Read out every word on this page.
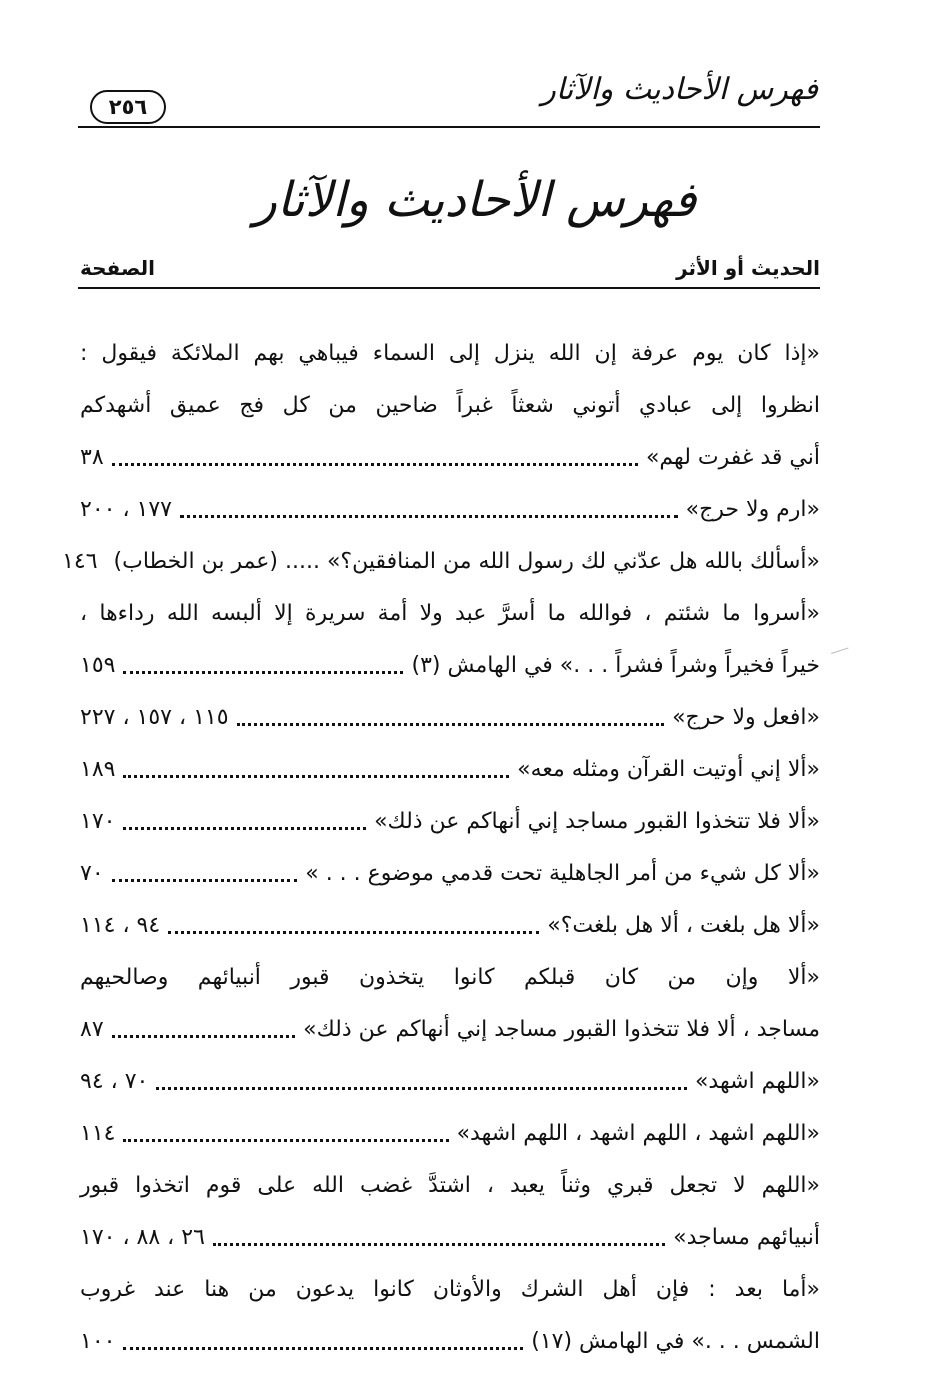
فهرس الأحاديث والآثار
٢٥٦
فهرس الأحاديث والآثار
الحديث أو الأثر
الصفحة
«إذا كان يوم عرفة إن الله ينزل إلى السماء فيباهي بهم الملائكة فيقول :
انظروا إلى عبادي أتوني شعثاً غبراً ضاحين من كل فج عميق أشهدكم
أني قد غفرت لهم»
٣٨
«ارم ولا حرج»
١٧٧ ، ٢٠٠
«أسألك بالله هل عدّني لك رسول الله من المنافقين؟» ..... (عمر بن الخطاب)
١٤٦
«أسروا ما شئتم ، فوالله ما أسرَّ عبد ولا أمة سريرة إلا ألبسه الله رداءها ،
خيراً فخيراً وشراً فشراً . . .» في الهامش (٣)
١٥٩
«افعل ولا حرج»
١١٥ ، ١٥٧ ، ٢٢٧
«ألا إني أوتيت القرآن ومثله معه»
١٨٩
«ألا فلا تتخذوا القبور مساجد إني أنهاكم عن ذلك»
١٧٠
«ألا كل شيء من أمر الجاهلية تحت قدمي موضوع . . . »
٧٠
«ألا هل بلغت ، ألا هل بلغت؟»
٩٤ ، ١١٤
«ألا وإن من كان قبلكم كانوا يتخذون قبور أنبيائهم وصالحيهم
مساجد ، ألا فلا تتخذوا القبور مساجد إني أنهاكم عن ذلك»
٨٧
«اللهم اشهد»
٧٠ ، ٩٤
«اللهم اشهد ، اللهم اشهد ، اللهم اشهد»
١١٤
«اللهم لا تجعل قبري وثناً يعبد ، اشتدَّ غضب الله على قوم اتخذوا قبور
أنبيائهم مساجد»
٢٦ ، ٨٨ ، ١٧٠
«أما بعد : فإن أهل الشرك والأوثان كانوا يدعون من هنا عند غروب
الشمس . . .» في الهامش (١٧)
١٠٠
